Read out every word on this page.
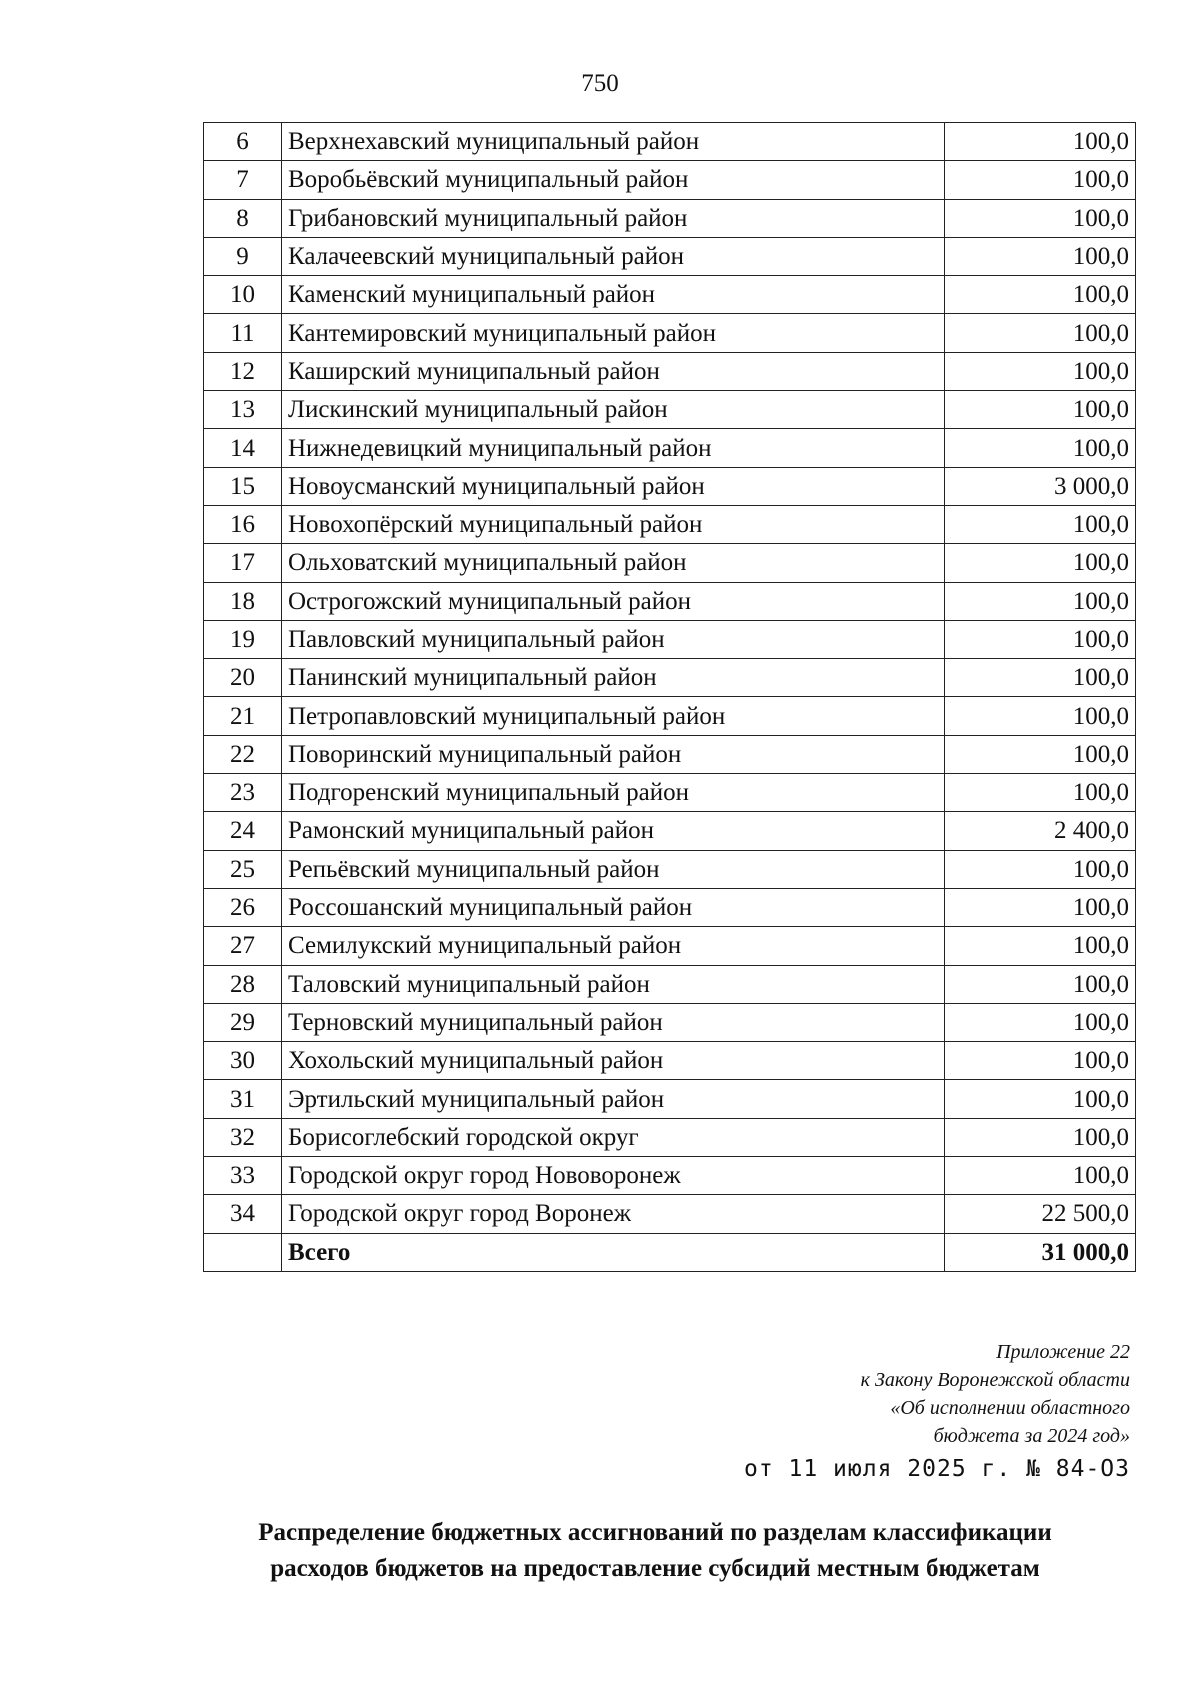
750
6	Верхнехавский муниципальный район	100,0
7	Воробьёвский муниципальный район	100,0
8	Грибановский муниципальный район	100,0
9	Калачеевский муниципальный район	100,0
10	Каменский муниципальный район	100,0
11	Кантемировский муниципальный район	100,0
12	Каширский муниципальный район	100,0
13	Лискинский муниципальный район	100,0
14	Нижнедевицкий муниципальный район	100,0
15	Новоусманский муниципальный район	3 000,0
16	Новохопёрский муниципальный район	100,0
17	Ольховатский муниципальный район	100,0
18	Острогожский муниципальный район	100,0
19	Павловский муниципальный район	100,0
20	Панинский муниципальный район	100,0
21	Петропавловский муниципальный район	100,0
22	Поворинский муниципальный район	100,0
23	Подгоренский муниципальный район	100,0
24	Рамонский муниципальный район	2 400,0
25	Репьёвский муниципальный район	100,0
26	Россошанский муниципальный район	100,0
27	Семилукский муниципальный район	100,0
28	Таловский муниципальный район	100,0
29	Терновский муниципальный район	100,0
30	Хохольский муниципальный район	100,0
31	Эртильский муниципальный район	100,0
32	Борисоглебский городской округ	100,0
33	Городской округ город Нововоронеж	100,0
34	Городской округ город Воронеж	22 500,0
	Всего	31 000,0
Приложение 22
к Закону Воронежской области
«Об исполнении областного
бюджета за 2024 год»
от 11 июля 2025 г. № 84-ОЗ
Распределение бюджетных ассигнований по разделам классификации
расходов бюджетов на предоставление субсидий местным бюджетам
